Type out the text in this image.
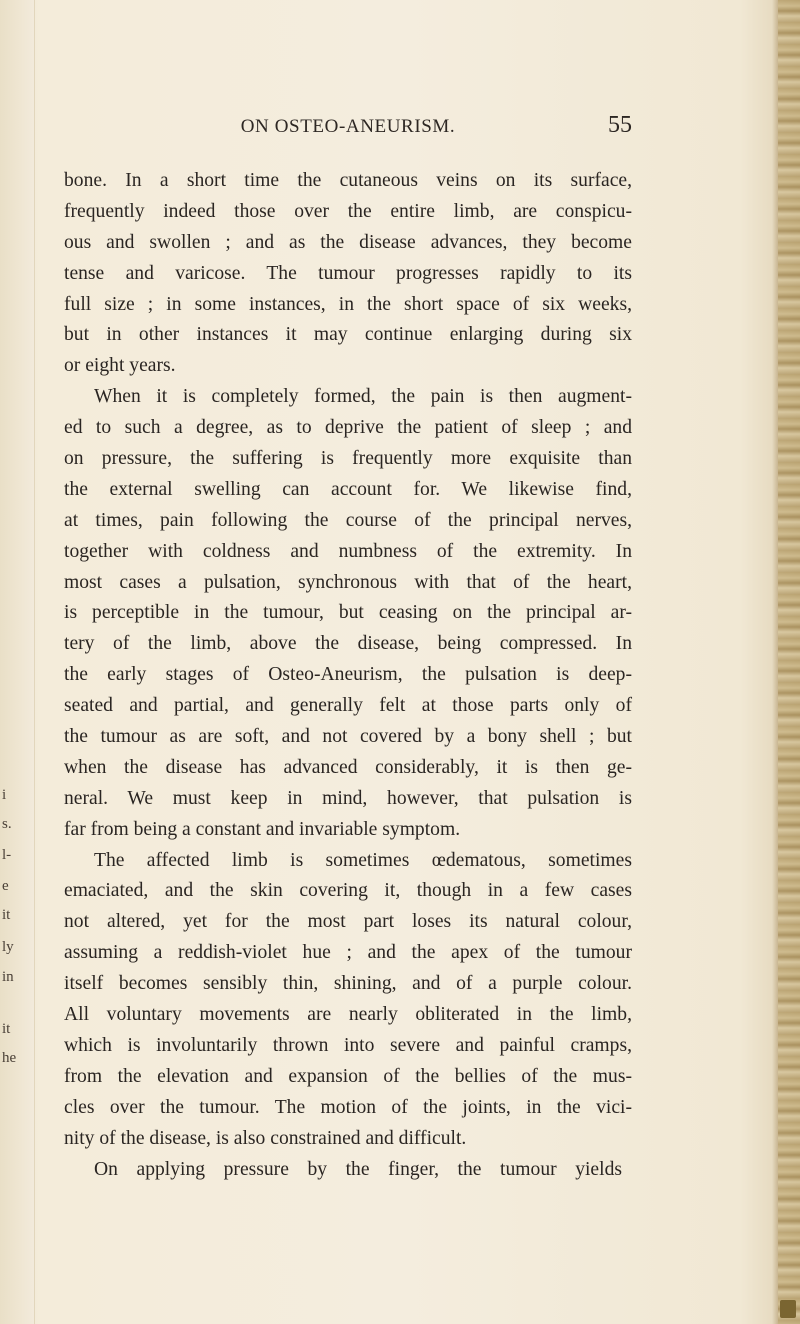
i
s.
l-
e
it
ly
in
it
he
ON OSTEO-ANEURISM.	55
bone. In a short time the cutaneous veins on its surface,
frequently indeed those over the entire limb, are conspicu-
ous and swollen ; and as the disease advances, they become
tense and varicose. The tumour progresses rapidly to its
full size ; in some instances, in the short space of six weeks,
but in other instances it may continue enlarging during six
or eight years.
When it is completely formed, the pain is then augment-
ed to such a degree, as to deprive the patient of sleep ; and
on pressure, the suffering is frequently more exquisite than
the external swelling can account for. We likewise find,
at times, pain following the course of the principal nerves,
together with coldness and numbness of the extremity. In
most cases a pulsation, synchronous with that of the heart,
is perceptible in the tumour, but ceasing on the principal ar-
tery of the limb, above the disease, being compressed. In
the early stages of Osteo-Aneurism, the pulsation is deep-
seated and partial, and generally felt at those parts only of
the tumour as are soft, and not covered by a bony shell ; but
when the disease has advanced considerably, it is then ge-
neral. We must keep in mind, however, that pulsation is
far from being a constant and invariable symptom.
The affected limb is sometimes œdematous, sometimes
emaciated, and the skin covering it, though in a few cases
not altered, yet for the most part loses its natural colour,
assuming a reddish-violet hue ; and the apex of the tumour
itself becomes sensibly thin, shining, and of a purple colour.
All voluntary movements are nearly obliterated in the limb,
which is involuntarily thrown into severe and painful cramps,
from the elevation and expansion of the bellies of the mus-
cles over the tumour. The motion of the joints, in the vici-
nity of the disease, is also constrained and difficult.
On applying pressure by the finger, the tumour yields
